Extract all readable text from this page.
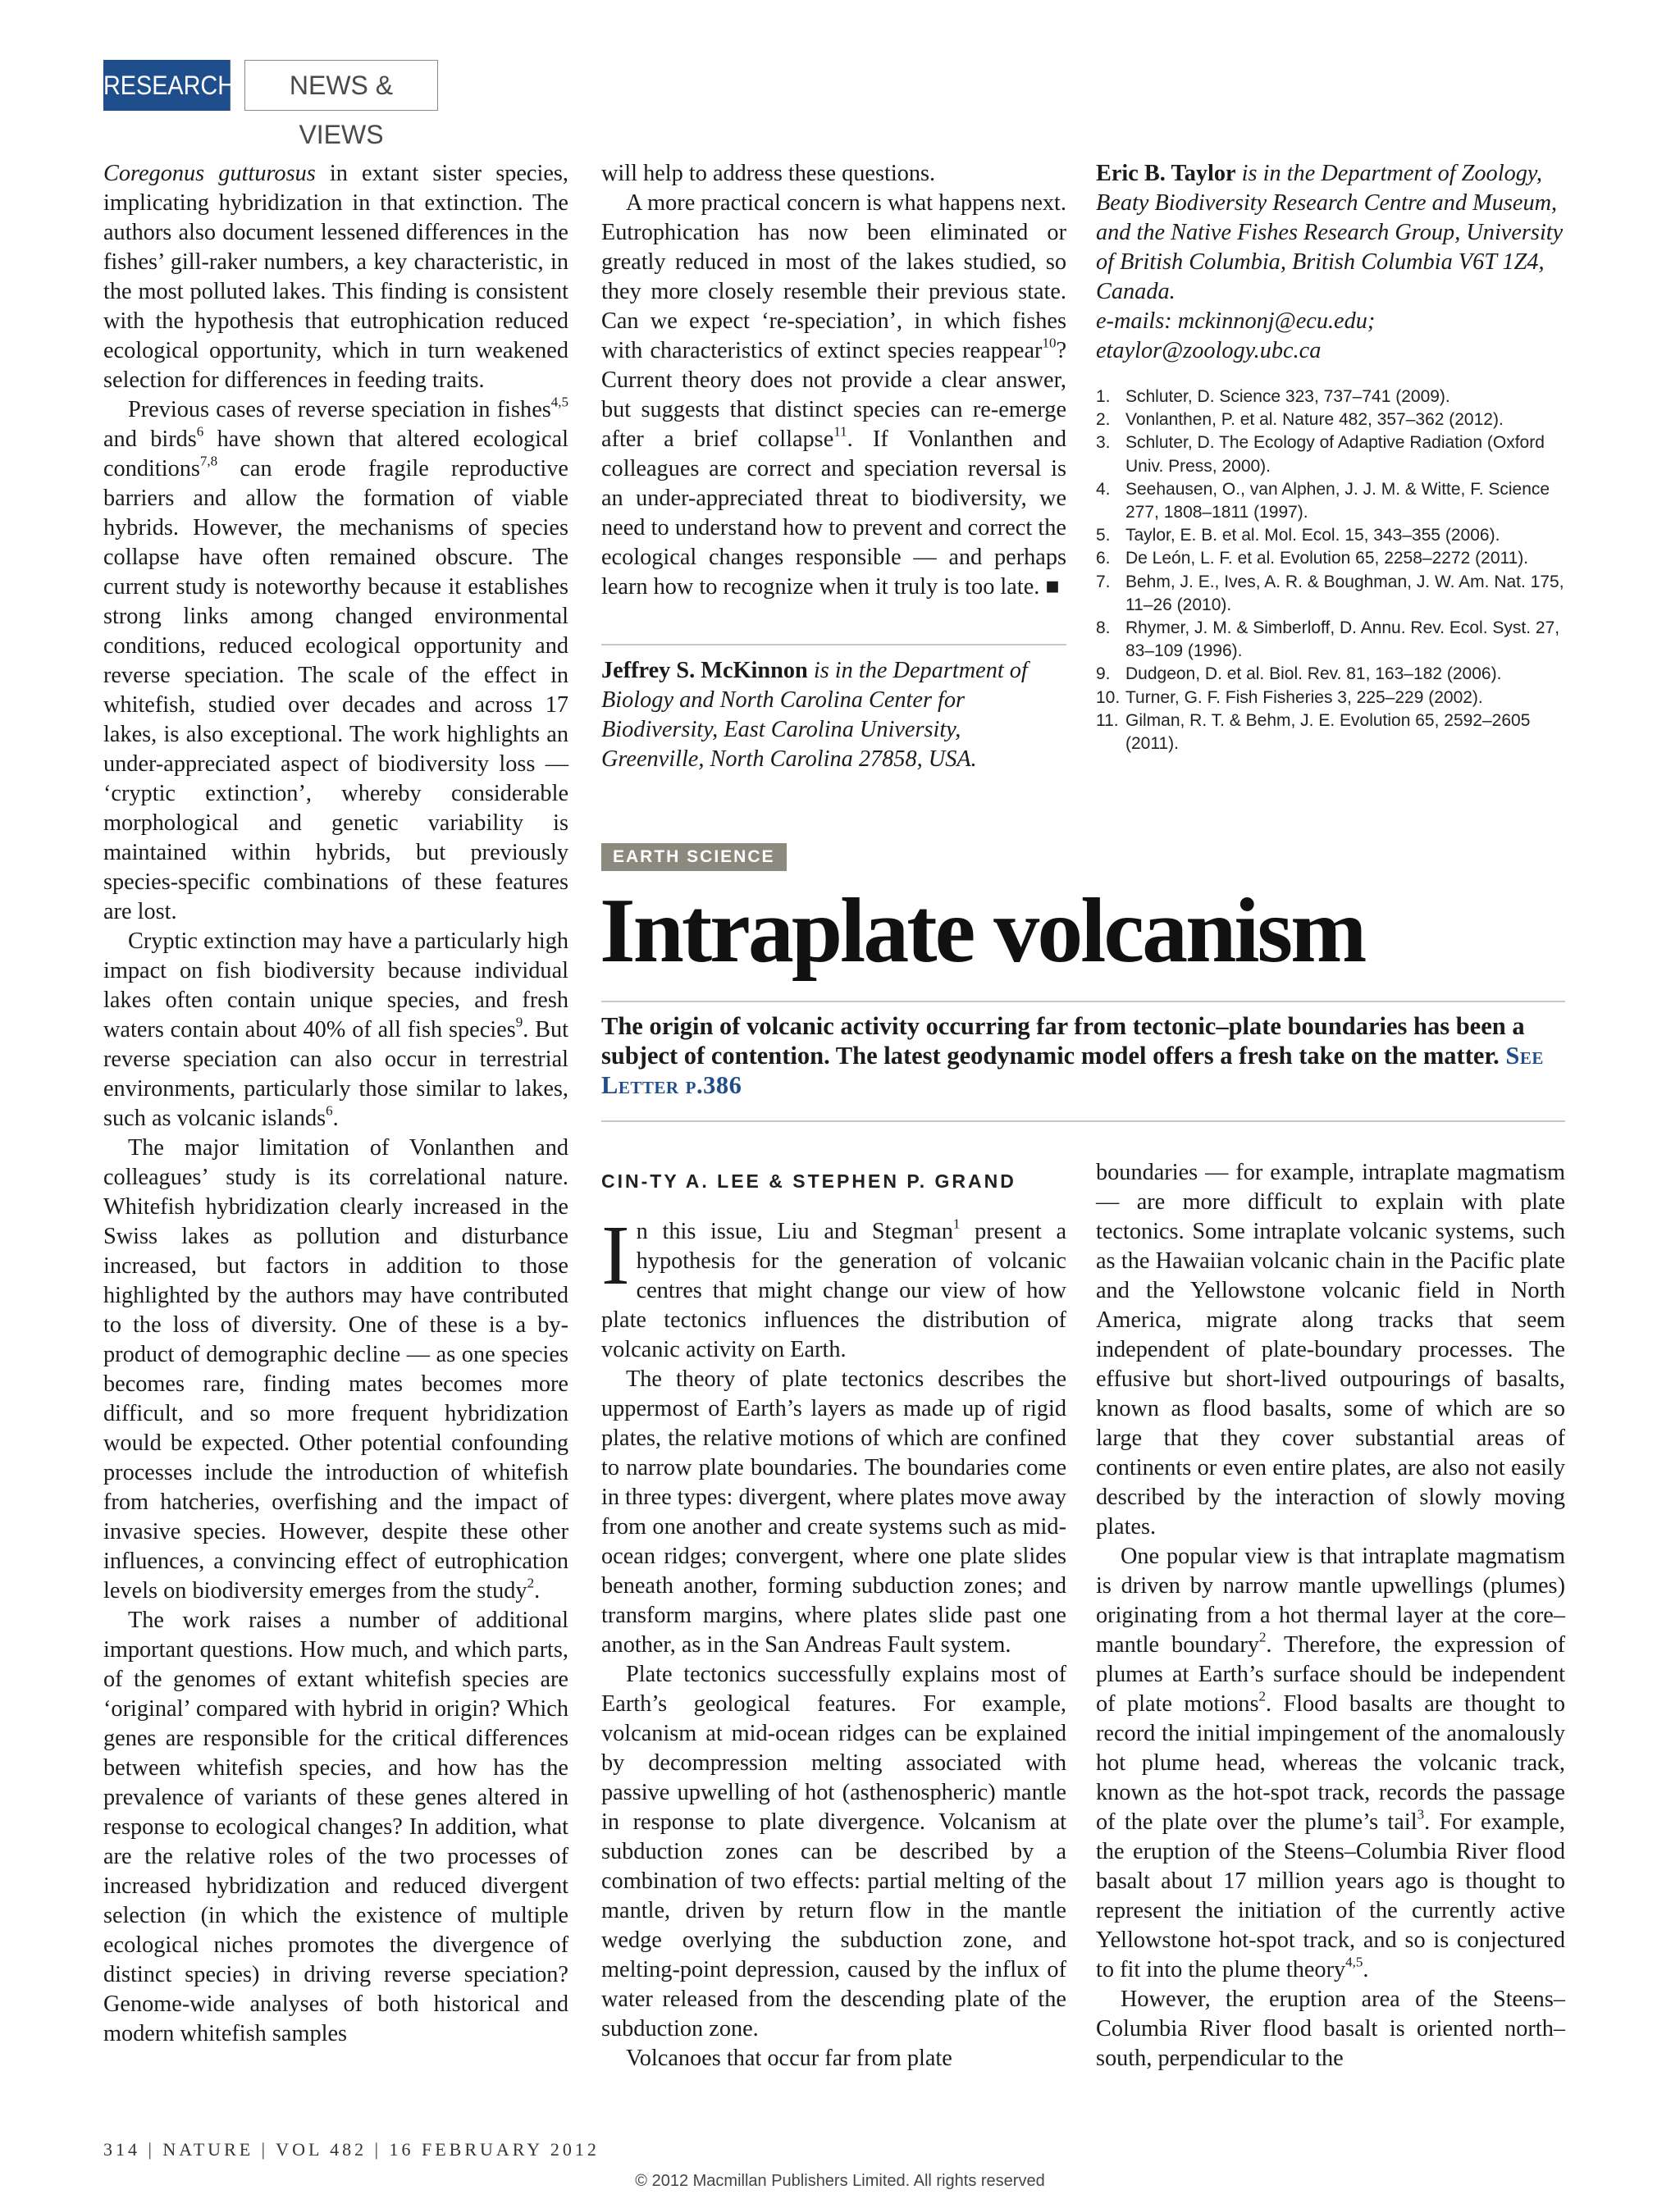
RESEARCH	NEWS & VIEWS

Coregonus gutturosus in extant sister species, implicating hybridization in that extinction. The authors also document lessened differences in the fishes’ gill-raker numbers, a key characteristic, in the most polluted lakes. This finding is consistent with the hypothesis that eutrophication reduced ecological opportunity, which in turn weakened selection for differences in feeding traits.

Previous cases of reverse speciation in fishes$^{4,5}$ and birds$^6$ have shown that altered ecological conditions$^{7,8}$ can erode fragile reproductive barriers and allow the formation of viable hybrids. However, the mechanisms of species collapse have often remained obscure. The current study is noteworthy because it establishes strong links among changed environmental conditions, reduced ecological opportunity and reverse speciation. The scale of the effect in whitefish, studied over decades and across 17 lakes, is also exceptional. The work highlights an under-appreciated aspect of biodiversity loss — ‘cryptic extinction’, whereby considerable morphological and genetic variability is maintained within hybrids, but previously species-specific combinations of these features are lost.

Cryptic extinction may have a particularly high impact on fish biodiversity because individual lakes often contain unique species, and fresh waters contain about 40% of all fish species$^9$. But reverse speciation can also occur in terrestrial environments, particularly those similar to lakes, such as volcanic islands$^6$.

The major limitation of Vonlanthen and colleagues’ study is its correlational nature. Whitefish hybridization clearly increased in the Swiss lakes as pollution and disturbance increased, but factors in addition to those highlighted by the authors may have contributed to the loss of diversity. One of these is a by-product of demographic decline — as one species becomes rare, finding mates becomes more difficult, and so more frequent hybridization would be expected. Other potential confounding processes include the introduction of whitefish from hatcheries, overfishing and the impact of invasive species. However, despite these other influences, a convincing effect of eutrophication levels on biodiversity emerges from the study$^2$.

The work raises a number of additional important questions. How much, and which parts, of the genomes of extant whitefish species are ‘original’ compared with hybrid in origin? Which genes are responsible for the critical differences between whitefish species, and how has the prevalence of variants of these genes altered in response to ecological changes? In addition, what are the relative roles of the two processes of increased hybridization and reduced divergent selection (in which the existence of multiple ecological niches promotes the divergence of distinct species) in driving reverse speciation? Genome-wide analyses of both historical and modern whitefish samples

will help to address these questions.

A more practical concern is what happens next. Eutrophication has now been eliminated or greatly reduced in most of the lakes studied, so they more closely resemble their previous state. Can we expect ‘re-speciation’, in which fishes with characteristics of extinct species reappear$^{10}$? Current theory does not provide a clear answer, but suggests that distinct species can re-emerge after a brief collapse$^{11}$. If Vonlanthen and colleagues are correct and speciation reversal is an under-appreciated threat to biodiversity, we need to understand how to prevent and correct the ecological changes responsible — and perhaps learn how to recognize when it truly is too late. ■

Jeffrey S. McKinnon is in the Department of Biology and North Carolina Center for Biodiversity, East Carolina University, Greenville, North Carolina 27858, USA.
Eric B. Taylor is in the Department of Zoology, Beaty Biodiversity Research Centre and Museum, and the Native Fishes Research Group, University of British Columbia, British Columbia V6T 1Z4, Canada.
e-mails: mckinnonj@ecu.edu;
etaylor@zoology.ubc.ca
1. Schluter, D. Science 323, 737–741 (2009).
2. Vonlanthen, P. et al. Nature 482, 357–362 (2012).
3. Schluter, D. The Ecology of Adaptive Radiation (Oxford Univ. Press, 2000).
4. Seehausen, O., van Alphen, J. J. M. & Witte, F. Science 277, 1808–1811 (1997).
5. Taylor, E. B. et al. Mol. Ecol. 15, 343–355 (2006).
6. De León, L. F. et al. Evolution 65, 2258–2272 (2011).
7. Behm, J. E., Ives, A. R. & Boughman, J. W. Am. Nat. 175, 11–26 (2010).
8. Rhymer, J. M. & Simberloff, D. Annu. Rev. Ecol. Syst. 27, 83–109 (1996).
9. Dudgeon, D. et al. Biol. Rev. 81, 163–182 (2006).
10. Turner, G. F. Fish Fisheries 3, 225–229 (2002).
11. Gilman, R. T. & Behm, J. E. Evolution 65, 2592–2605 (2011).
EARTH SCIENCE
Intraplate volcanism
The origin of volcanic activity occurring far from tectonic–plate boundaries has been a subject of contention. The latest geodynamic model offers a fresh take on the matter. See Letter p.386
CIN-TY A. LEE & STEPHEN P. GRAND

In this issue, Liu and Stegman$^1$ present a hypothesis for the generation of volcanic centres that might change our view of how plate tectonics influences the distribution of volcanic activity on Earth.

The theory of plate tectonics describes the uppermost of Earth’s layers as made up of rigid plates, the relative motions of which are confined to narrow plate boundaries. The boundaries come in three types: divergent, where plates move away from one another and create systems such as mid-ocean ridges; convergent, where one plate slides beneath another, forming subduction zones; and transform margins, where plates slide past one another, as in the San Andreas Fault system.

Plate tectonics successfully explains most of Earth’s geological features. For example, volcanism at mid-ocean ridges can be explained by decompression melting associated with passive upwelling of hot (asthenospheric) mantle in response to plate divergence. Volcanism at subduction zones can be described by a combination of two effects: partial melting of the mantle, driven by return flow in the mantle wedge overlying the subduction zone, and melting-point depression, caused by the influx of water released from the descending plate of the subduction zone.

Volcanoes that occur far from plate

boundaries — for example, intraplate magmatism — are more difficult to explain with plate tectonics. Some intraplate volcanic systems, such as the Hawaiian volcanic chain in the Pacific plate and the Yellowstone volcanic field in North America, migrate along tracks that seem independent of plate-boundary processes. The effusive but short-lived outpourings of basalts, known as flood basalts, some of which are so large that they cover substantial areas of continents or even entire plates, are also not easily described by the interaction of slowly moving plates.

One popular view is that intraplate magmatism is driven by narrow mantle upwellings (plumes) originating from a hot thermal layer at the core–mantle boundary$^2$. Therefore, the expression of plumes at Earth’s surface should be independent of plate motions$^2$. Flood basalts are thought to record the initial impingement of the anomalously hot plume head, whereas the volcanic track, known as the hot-spot track, records the passage of the plate over the plume’s tail$^3$. For example, the eruption of the Steens–Columbia River flood basalt about 17 million years ago is thought to represent the initiation of the currently active Yellowstone hot-spot track, and so is conjectured to fit into the plume theory$^{4,5}$.

However, the eruption area of the Steens–Columbia River flood basalt is oriented north–south, perpendicular to the

314 | NATURE | VOL 482 | 16 FEBRUARY 2012
© 2012 Macmillan Publishers Limited. All rights reserved
